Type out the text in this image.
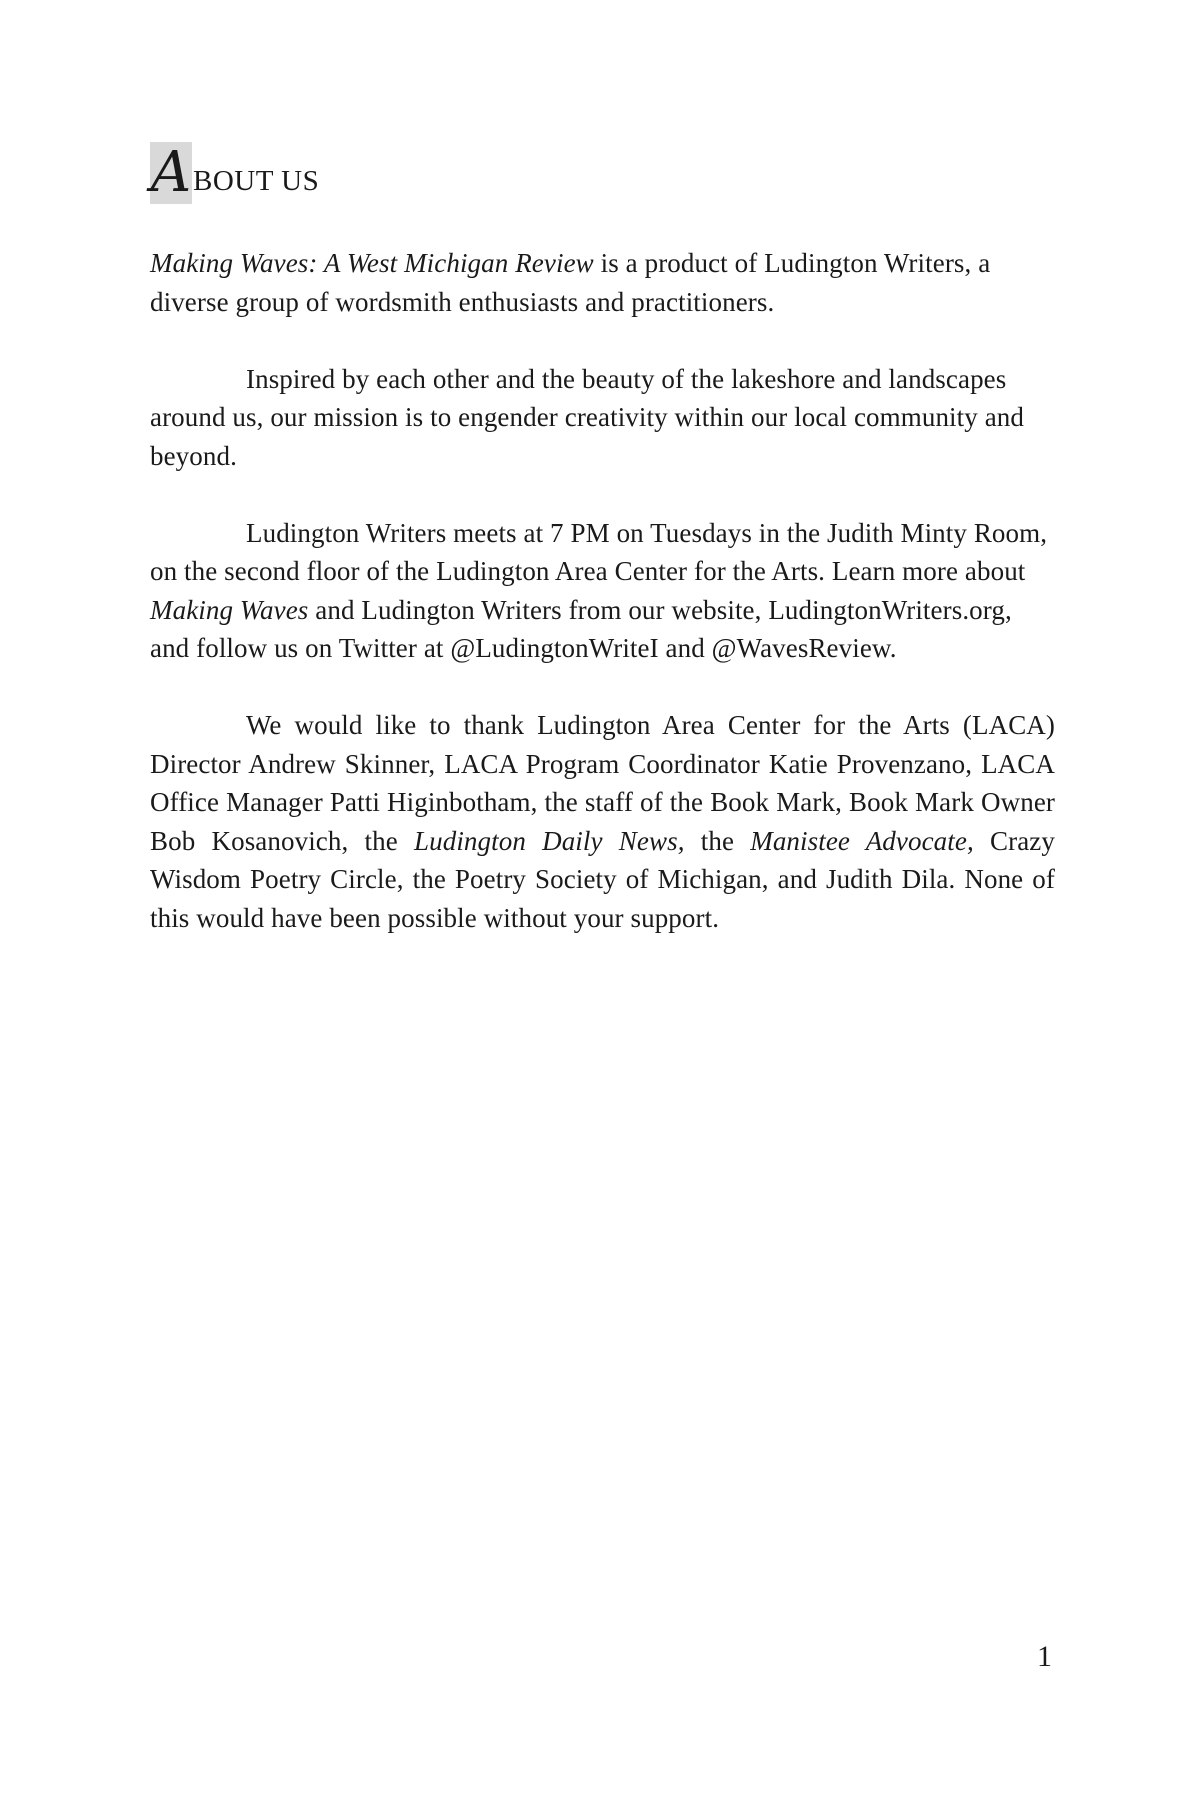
A BOUT US

Making Waves: A West Michigan Review is a product of Ludington Writers, a diverse group of wordsmith enthusiasts and practitioners.

Inspired by each other and the beauty of the lakeshore and landscapes around us, our mission is to engender creativity within our local community and beyond.

Ludington Writers meets at 7 PM on Tuesdays in the Judith Minty Room, on the second floor of the Ludington Area Center for the Arts. Learn more about Making Waves and Ludington Writers from our website, LudingtonWriters.org, and follow us on Twitter at @LudingtonWriteI and @WavesReview.

We would like to thank Ludington Area Center for the Arts (LACA) Director Andrew Skinner, LACA Program Coordinator Katie Provenzano, LACA Office Manager Patti Higinbotham, the staff of the Book Mark, Book Mark Owner Bob Kosanovich, the Ludington Daily News, the Manistee Advocate, Crazy Wisdom Poetry Circle, the Poetry Society of Michigan, and Judith Dila. None of this would have been possible without your support.

1
